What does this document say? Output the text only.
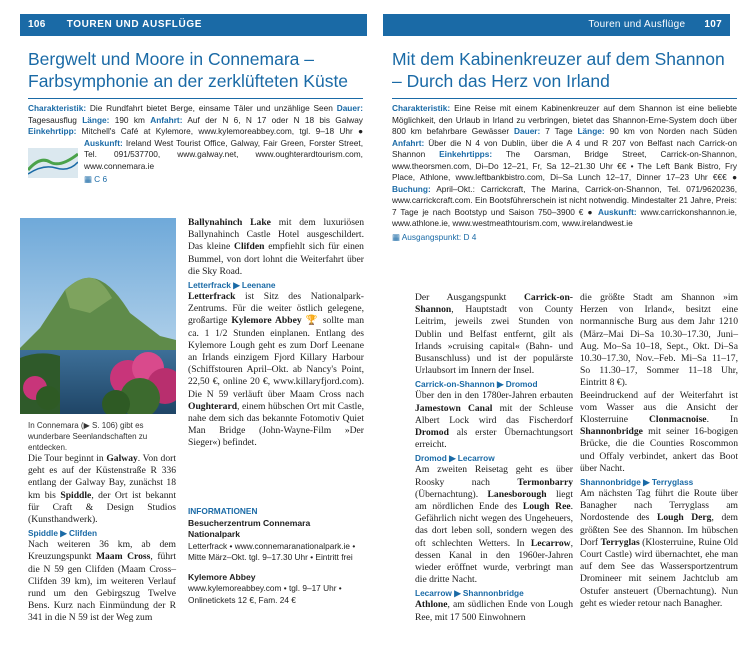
106 TOUREN UND AUSFLÜGE
Bergwelt und Moore in Connemara – Farbsymphonie an der zerklüfteten Küste
Charakteristik: Die Rundfahrt bietet Berge, einsame Täler und unzählige Seen Dauer: Tagesausflug Länge: 190 km Anfahrt: Auf der N 6, N 17 oder N 18 bis Galway Einkehrtipp: Mitchell's Café at Kylemore, www.kylemoreabbey.com, tgl. 9–18 Uhr ● Auskunft: Ireland West Tourist Office, Galway, Fair Green, Forster Street, Tel. 091/537700, www.galway.net, www.oughterardtourism.com, www.connemara.ie
▦ C 6
In Connemara (▶ S. 106) gibt es wunderbare Seenlandschaften zu entdecken.

Die Tour beginnt in Galway. Von dort geht es auf der Küstenstraße R 336 entlang der Galway Bay, zunächst 18 km bis Spiddle, der Ort ist bekannt für Craft & Design Studios (Kunsthandwerk).

Spiddle ▶ Clifden

Nach weiteren 36 km, ab dem Kreuzungspunkt Maam Cross, führt die N 59 gen Clifden (Maam Cross–Clifden 39 km), im weiteren Verlauf rund um den Gebirgszug Twelve Bens. Kurz nach Einmündung der R 341 in die N 59 ist der Weg zum

Ballynahinch Lake mit dem luxuriösen Ballynahinch Castle Hotel ausgeschildert. Das kleine Clifden empfiehlt sich für einen Bummel, von dort lohnt die Weiterfahrt über die Sky Road.

Letterfrack ▶ Leenane

Letterfrack ist Sitz des Nationalpark-Zentrums. Für die weiter östlich gelegene, großartige Kylemore Abbey 🏆 sollte man ca. 1 1/2 Stunden einplanen. Entlang des Kylemore Lough geht es zum Dorf Leenane an Irlands einzigem Fjord Killary Harbour (Schiffstouren April–Okt. ab Nancy's Point, 22,50 €, online 20 €, www.killaryfjord.com). Die N 59 verläuft über Maam Cross nach Oughterard, einem hübschen Ort mit Castle, nahe dem sich das bekannte Fotomotiv Quiet Man Bridge (John-Wayne-Film »Der Sieger«) befindet.

INFORMATIONEN
Besucherzentrum Connemara Nationalpark
Letterfrack • www.connemaranationalpark.ie • Mitte März–Okt. tgl. 9–17.30 Uhr • Eintritt frei
Kylemore Abbey
www.kylemoreabbey.com • tgl. 9–17 Uhr • Onlinetickets 12 €, Fam. 24 €
Touren und Ausflüge 107
Mit dem Kabinenkreuzer auf dem Shannon – Durch das Herz von Irland
Charakteristik: Eine Reise mit einem Kabinenkreuzer auf dem Shannon ist eine beliebte Möglichkeit, den Urlaub in Irland zu verbringen, bietet das Shannon-Erne-System doch über 800 km befahrbare Gewässer Dauer: 7 Tage Länge: 90 km von Norden nach Süden Anfahrt: Über die N 4 von Dublin, über die A 4 und R 207 von Belfast nach Carrick-on Shannon Einkehrtipps: The Oarsman, Bridge Street, Carrick-on-Shannon, www.theorsmen.com, Di–Do 12–21, Fr, Sa 12–21.30 Uhr €€ • The Left Bank Bistro, Fry Place, Athlone, www.leftbankbistro.com, Di–Sa Lunch 12–17, Dinner 17–23 Uhr €€€ ● Buchung: April–Okt.: Carrickcraft, The Marina, Carrick-on-Shannon, Tel. 071/9620236, www.carrickcraft.com. Ein Bootsführerschein ist nicht notwendig. Mindestalter 21 Jahre, Preis: 7 Tage je nach Bootstyp und Saison 750–3900 € ● Auskunft: www.carrickonshannon.ie, www.athlone.ie, www.westmeathtourism.com, www.irelandwest.ie
▦ Ausgangspunkt: D 4

Der Ausgangspunkt Carrick-on-Shannon, Hauptstadt von County Leitrim, jeweils zwei Stunden von Dublin und Belfast entfernt, gilt als Irlands »cruising capital« (Bahn- und Busanschluss) und ist der populärste Urlaubsort im Innern der Insel.

Carrick-on-Shannon ▶ Dromod

Über den in den 1780er-Jahren erbauten Jamestown Canal mit der Schleuse Albert Lock wird das Fischerdorf Dromod als erster Übernachtungsort erreicht.

Dromod ▶ Lecarrow

Am zweiten Reisetag geht es über Roosky nach Termonbarry (Übernachtung). Lanesborough liegt am nördlichen Ende des Lough Ree. Gefährlich nicht wegen des Ungeheuers, das dort leben soll, sondern wegen des oft schlechten Wetters. In Lecarrow, dessen Kanal in den 1960er-Jahren wieder eröffnet wurde, verbringt man die dritte Nacht.

Lecarrow ▶ Shannonbridge

Athlone, am südlichen Ende von Lough Ree, mit 17 500 Einwohnern

die größte Stadt am Shannon »im Herzen von Irland«, besitzt eine normannische Burg aus dem Jahr 1210 (März–Mai Di–Sa 10.30–17.30, Juni–Aug. Mo–Sa 10–18, Sept., Okt. Di–Sa 10.30–17.30, Nov.–Feb. Mi–Sa 11–17, So 11.30–17, Sommer 11–18 Uhr, Eintritt 8 €).

Beeindruckend auf der Weiterfahrt ist vom Wasser aus die Ansicht der Klosterruine Clonmacnoise. In Shannonbridge mit seiner 16-bogigen Brücke, die die Counties Roscommon und Offaly verbindet, ankert das Boot über Nacht.

Shannonbridge ▶ Terryglass

Am nächsten Tag führt die Route über Banagher nach Terryglass am Nordostende des Lough Derg, dem größten See des Shannon. Im hübschen Dorf Terryglas (Klosterruine, Ruine Old Court Castle) wird übernachtet, ehe man auf dem See das Wassersportzentrum Dromineer mit seinem Jachtclub am Ostufer ansteuert (Übernachtung). Nun geht es wieder retour nach Banagher.
